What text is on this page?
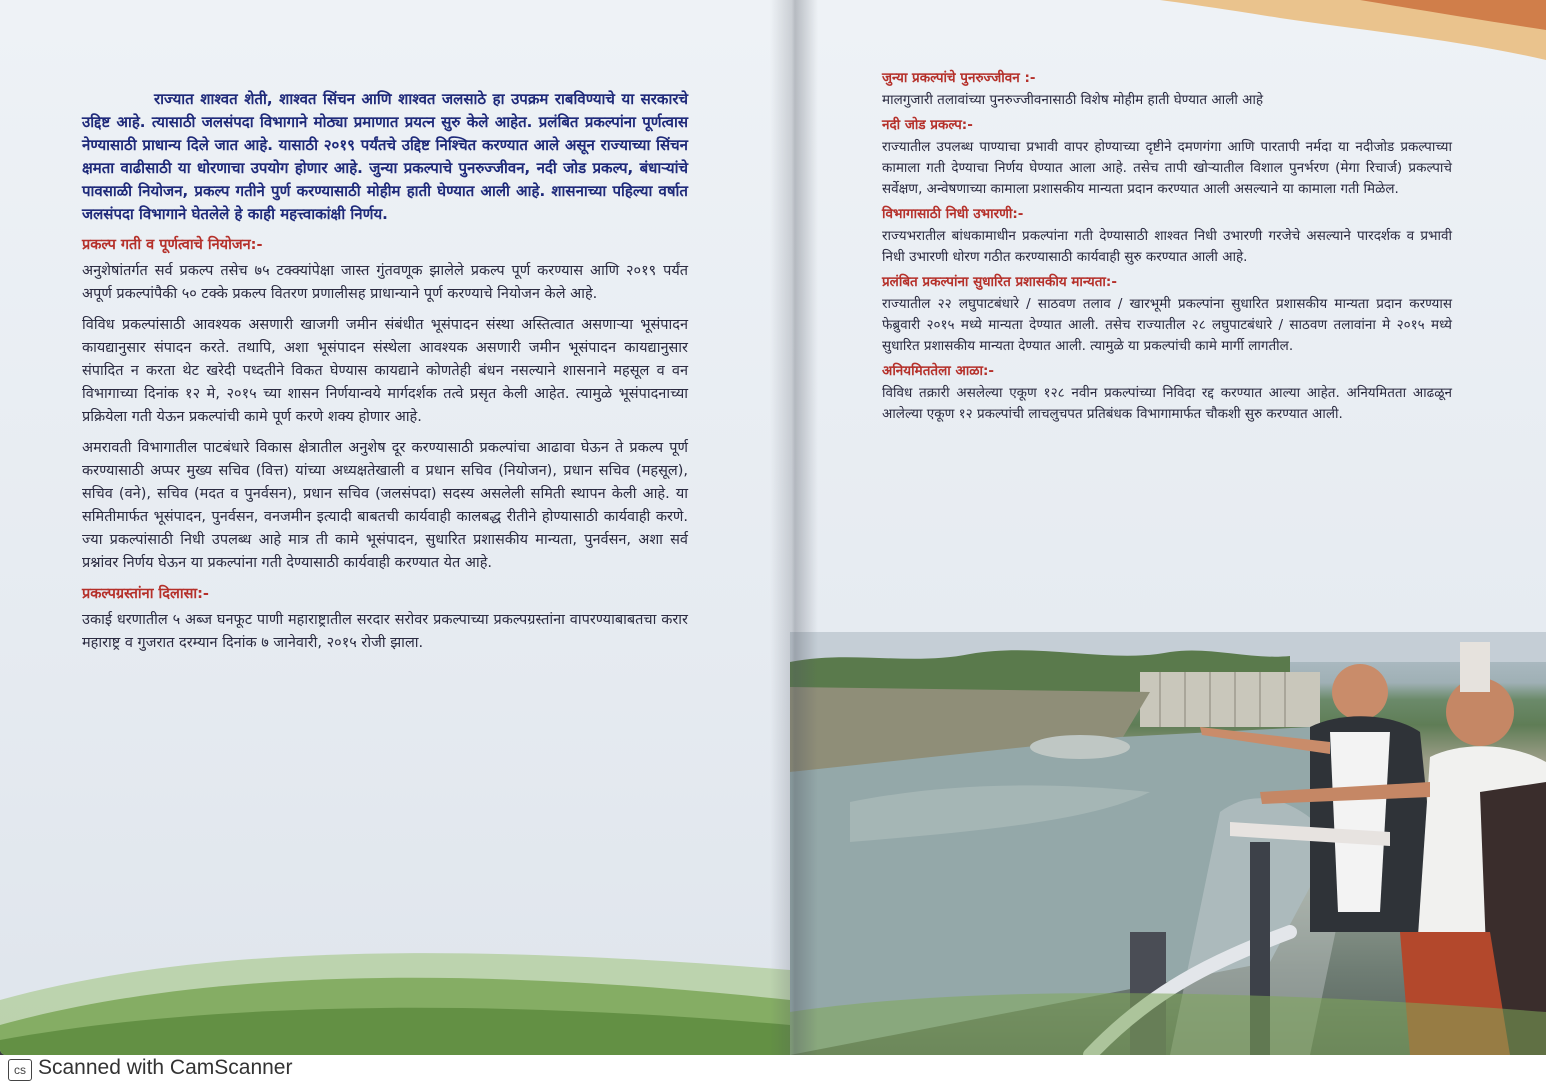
राज्यात शाश्वत शेती, शाश्वत सिंचन आणि शाश्वत जलसाठे हा उपक्रम राबविण्याचे या सरकारचे उद्दिष्ट आहे. त्यासाठी जलसंपदा विभागाने मोठ्या प्रमाणात प्रयत्न सुरु केले आहेत. प्रलंबित प्रकल्पांना पूर्णत्वास नेण्यासाठी प्राधान्य दिले जात आहे. यासाठी २०१९ पर्यंतचे उद्दिष्ट निश्चित करण्यात आले असून राज्याच्या सिंचन क्षमता वाढीसाठी या धोरणाचा उपयोग होणार आहे. जुन्या प्रकल्पाचे पुनरुज्जीवन, नदी जोड प्रकल्प, बंधाऱ्यांचे पावसाळी नियोजन, प्रकल्प गतीने पुर्ण करण्यासाठी मोहीम हाती घेण्यात आली आहे. शासनाच्या पहिल्या वर्षात जलसंपदा विभागाने घेतलेले हे काही महत्त्वाकांक्षी निर्णय.

प्रकल्प गती व पूर्णत्वाचे नियोजन:-

अनुशेषांतर्गत सर्व प्रकल्प तसेच ७५ टक्क्यांपेक्षा जास्त गुंतवणूक झालेले प्रकल्प पूर्ण करण्यास आणि २०१९ पर्यंत अपूर्ण प्रकल्पांपैकी ५० टक्के प्रकल्प वितरण प्रणालीसह प्राधान्याने पूर्ण करण्याचे नियोजन केले आहे.

विविध प्रकल्पांसाठी आवश्यक असणारी खाजगी जमीन संबंधीत भूसंपादन संस्था अस्तित्वात असणाऱ्या भूसंपादन कायद्यानुसार संपादन करते. तथापि, अशा भूसंपादन संस्थेला आवश्यक असणारी जमीन भूसंपादन कायद्यानुसार संपादित न करता थेट खरेदी पध्दतीने विकत घेण्यास कायद्याने कोणतेही बंधन नसल्याने शासनाने महसूल व वन विभागाच्या दिनांक १२ मे, २०१५ च्या शासन निर्णयान्वये मार्गदर्शक तत्वे प्रसृत केली आहेत. त्यामुळे भूसंपादनाच्या प्रक्रियेला गती येऊन प्रकल्पांची कामे पूर्ण करणे शक्य होणार आहे.

अमरावती विभागातील पाटबंधारे विकास क्षेत्रातील अनुशेष दूर करण्यासाठी प्रकल्पांचा आढावा घेऊन ते प्रकल्प पूर्ण करण्यासाठी अप्पर मुख्य सचिव (वित्त) यांच्या अध्यक्षतेखाली व प्रधान सचिव (नियोजन), प्रधान सचिव (महसूल), सचिव (वने), सचिव (मदत व पुनर्वसन), प्रधान सचिव (जलसंपदा) सदस्य असलेली समिती स्थापन केली आहे. या समितीमार्फत भूसंपादन, पुनर्वसन, वनजमीन इत्यादी बाबतची कार्यवाही कालबद्ध रीतीने होण्यासाठी कार्यवाही करणे. ज्या प्रकल्पांसाठी निधी उपलब्ध आहे मात्र ती कामे भूसंपादन, सुधारित प्रशासकीय मान्यता, पुनर्वसन, अशा सर्व प्रश्नांवर निर्णय घेऊन या प्रकल्पांना गती देण्यासाठी कार्यवाही करण्यात येत आहे.

प्रकल्पग्रस्तांना दिलासा:-

उकाई धरणातील ५ अब्ज घनफूट पाणी महाराष्ट्रातील सरदार सरोवर प्रकल्पाच्या प्रकल्पग्रस्तांना वापरण्याबाबतचा करार महाराष्ट्र व गुजरात दरम्यान दिनांक ७ जानेवारी, २०१५ रोजी झाला.

जुन्या प्रकल्पांचे पुनरुज्जीवन :-

मालगुजारी तलावांच्या पुनरुज्जीवनासाठी विशेष मोहीम हाती घेण्यात आली आहे

नदी जोड प्रकल्प:-

राज्यातील उपलब्ध पाण्याचा प्रभावी वापर होण्याच्या दृष्टीने दमणगंगा आणि पारतापी नर्मदा या नदीजोड प्रकल्पाच्या कामाला गती देण्याचा निर्णय घेण्यात आला आहे. तसेच तापी खोऱ्यातील विशाल पुनर्भरण (मेगा रिचार्ज) प्रकल्पाचे सर्वेक्षण, अन्वेषणाच्या कामाला प्रशासकीय मान्यता प्रदान करण्यात आली असल्याने या कामाला गती मिळेल.

विभागासाठी निधी उभारणी:-

राज्यभरातील बांधकामाधीन प्रकल्पांना गती देण्यासाठी शाश्वत निधी उभारणी गरजेचे असल्याने पारदर्शक व प्रभावी निधी उभारणी धोरण गठीत करण्यासाठी कार्यवाही सुरु करण्यात आली आहे.

प्रलंबित प्रकल्पांना सुधारित प्रशासकीय मान्यता:-

राज्यातील २२ लघुपाटबंधारे / साठवण तलाव / खारभूमी प्रकल्पांना सुधारित प्रशासकीय मान्यता प्रदान करण्यास फेब्रुवारी २०१५ मध्ये मान्यता देण्यात आली. तसेच राज्यातील २८ लघुपाटबंधारे / साठवण तलावांना मे २०१५ मध्ये सुधारित प्रशासकीय मान्यता देण्यात आली. त्यामुळे या प्रकल्पांची कामे मार्गी लागतील.

अनियमिततेला आळा:-

विविध तक्रारी असलेल्या एकूण १२८ नवीन प्रकल्पांच्या निविदा रद्द करण्यात आल्या आहेत. अनियमितता आढळून आलेल्या एकूण १२ प्रकल्पांची लाचलुचपत प्रतिबंधक विभागामार्फत चौकशी सुरु करण्यात आली.

cs Scanned with CamScanner
